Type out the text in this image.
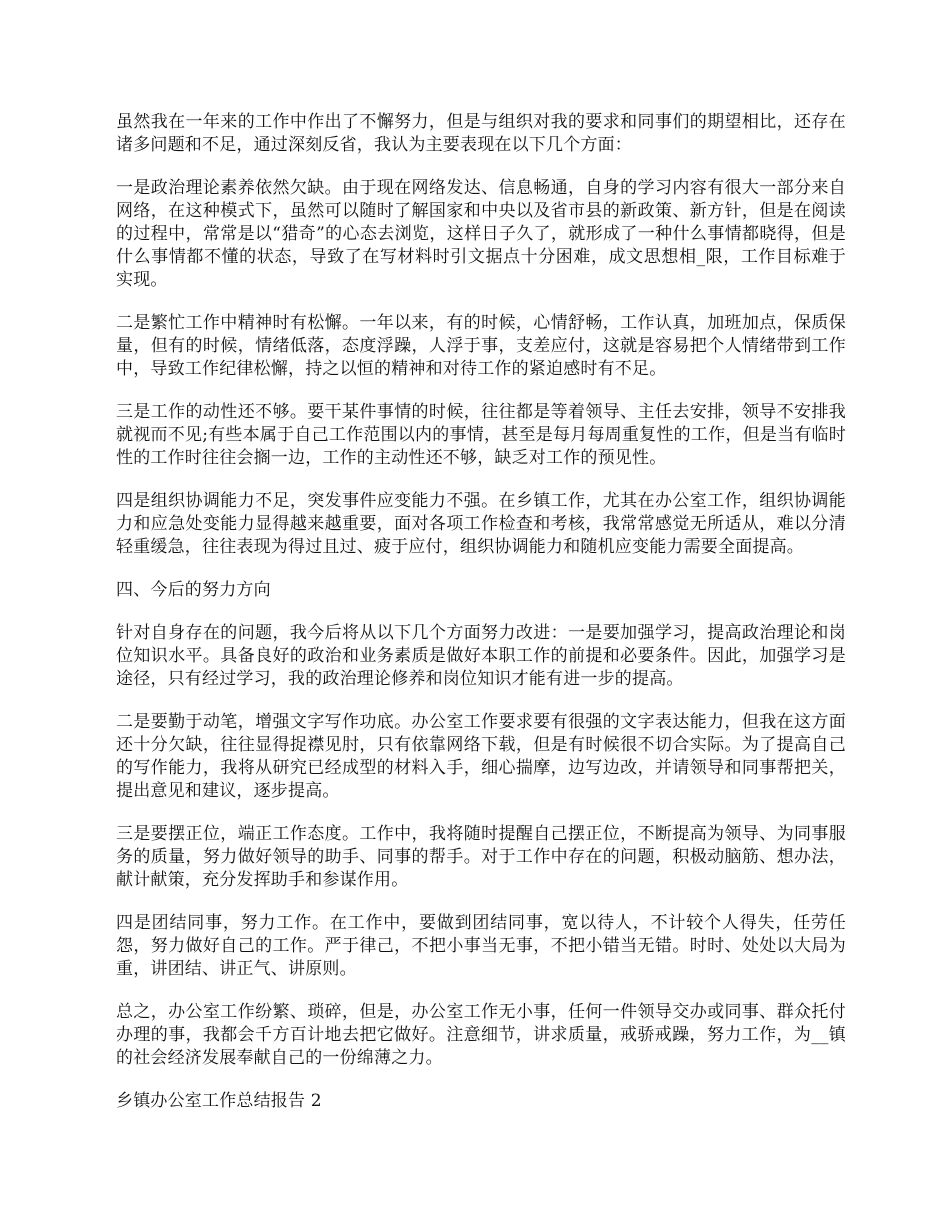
虽然我在一年来的工作中作出了不懈努力，但是与组织对我的要求和同事们的期望相比，还存在诸多问题和不足，通过深刻反省，我认为主要表现在以下几个方面：

一是政治理论素养依然欠缺。由于现在网络发达、信息畅通，自身的学习内容有很大一部分来自网络，在这种模式下，虽然可以随时了解国家和中央以及省市县的新政策、新方针，但是在阅读的过程中，常常是以“猎奇”的心态去浏览，这样日子久了，就形成了一种什么事情都晓得，但是什么事情都不懂的状态，导致了在写材料时引文据点十分困难，成文思想相_限，工作目标难于实现。

二是繁忙工作中精神时有松懈。一年以来，有的时候，心情舒畅，工作认真，加班加点，保质保量，但有的时候，情绪低落，态度浮躁，人浮于事，支差应付，这就是容易把个人情绪带到工作中，导致工作纪律松懈，持之以恒的精神和对待工作的紧迫感时有不足。

三是工作的动性还不够。要干某件事情的时候，往往都是等着领导、主任去安排，领导不安排我就视而不见;有些本属于自己工作范围以内的事情，甚至是每月每周重复性的工作，但是当有临时性的工作时往往会搁一边，工作的主动性还不够，缺乏对工作的预见性。

四是组织协调能力不足，突发事件应变能力不强。在乡镇工作，尤其在办公室工作，组织协调能力和应急处变能力显得越来越重要，面对各项工作检查和考核，我常常感觉无所适从，难以分清轻重缓急，往往表现为得过且过、疲于应付，组织协调能力和随机应变能力需要全面提高。

四、今后的努力方向

针对自身存在的问题，我今后将从以下几个方面努力改进：一是要加强学习，提高政治理论和岗位知识水平。具备良好的政治和业务素质是做好本职工作的前提和必要条件。因此，加强学习是途径，只有经过学习，我的政治理论修养和岗位知识才能有进一步的提高。

二是要勤于动笔，增强文字写作功底。办公室工作要求要有很强的文字表达能力，但我在这方面还十分欠缺，往往显得捉襟见肘，只有依靠网络下载，但是有时候很不切合实际。为了提高自己的写作能力，我将从研究已经成型的材料入手，细心揣摩，边写边改，并请领导和同事帮把关，提出意见和建议，逐步提高。

三是要摆正位，端正工作态度。工作中，我将随时提醒自己摆正位，不断提高为领导、为同事服务的质量，努力做好领导的助手、同事的帮手。对于工作中存在的问题，积极动脑筋、想办法，献计献策，充分发挥助手和参谋作用。

四是团结同事，努力工作。在工作中，要做到团结同事，宽以待人，不计较个人得失，任劳任怨，努力做好自己的工作。严于律己，不把小事当无事，不把小错当无错。时时、处处以大局为重，讲团结、讲正气、讲原则。

总之，办公室工作纷繁、琐碎，但是，办公室工作无小事，任何一件领导交办或同事、群众托付办理的事，我都会千方百计地去把它做好。注意细节，讲求质量，戒骄戒躁，努力工作，为__镇的社会经济发展奉献自己的一份绵薄之力。

乡镇办公室工作总结报告 2
